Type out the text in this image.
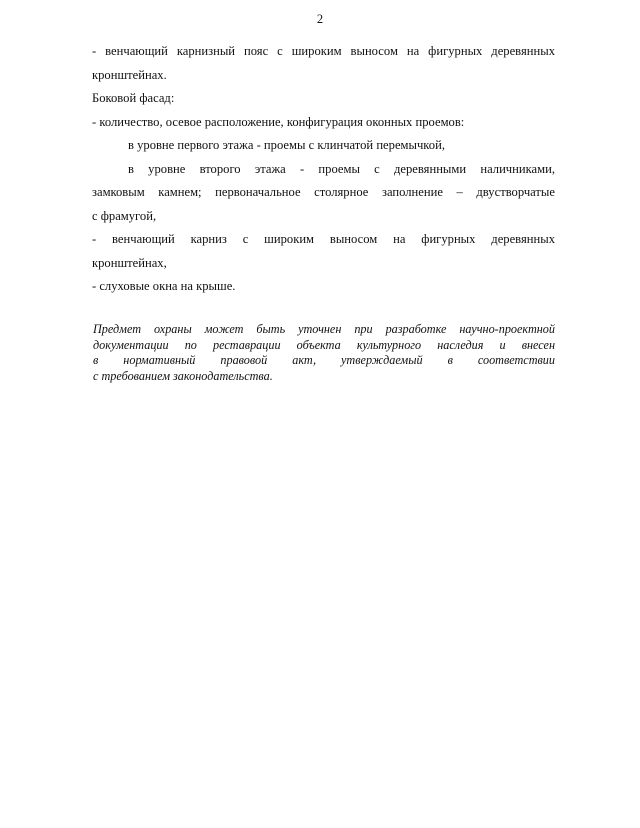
2

- венчающий карнизный пояс с широким выносом на фигурных деревянных

кронштейнах.

Боковой фасад:

- количество, осевое расположение, конфигурация оконных проемов:

в уровне первого этажа - проемы с клинчатой перемычкой,

в уровне второго этажа - проемы с деревянными наличниками,

замковым камнем; первоначальное столярное заполнение – двустворчатые

с фрамугой,

- венчающий карниз с широким выносом на фигурных деревянных

кронштейнах,

- слуховые окна на крыше.

Предмет охраны может быть уточнен при разработке научно-проектной

документации по реставрации объекта культурного наследия и внесен

в нормативный правовой акт, утверждаемый в соответствии

с требованием законодательства.
